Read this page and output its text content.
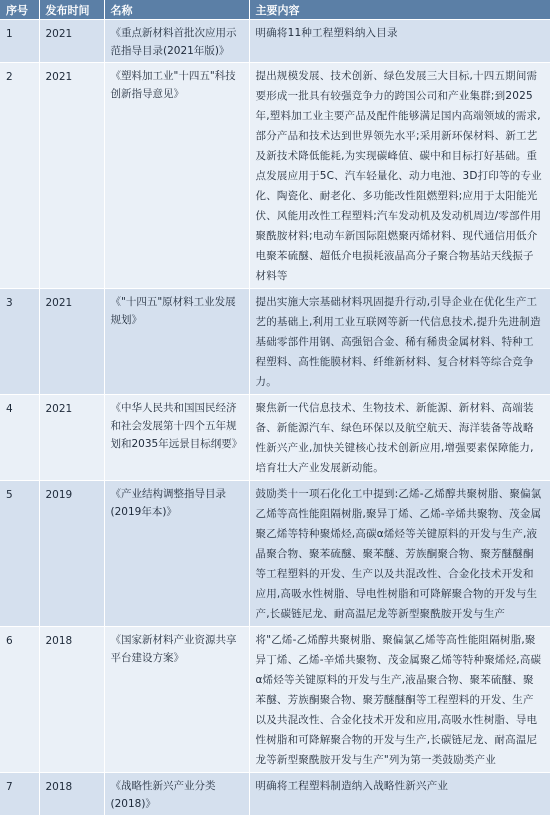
序号	发布时间	名称	主要内容
1	2021	《重点新材料首批次应用示范指导目录(2021年版)》	明确将11种工程塑料纳入目录
2	2021	《塑料加工业"十四五"科技创新指导意见》	提出规模发展、技术创新、绿色发展三大目标,十四五期间需要形成一批具有较强竞争力的跨国公司和产业集群;到2025年,塑料加工业主要产品及配件能够满足国内高端领域的需求,部分产品和技术达到世界领先水平;采用新环保材料、新工艺及新技术降低能耗,为实现碳峰值、碳中和目标打好基础。重点发展应用于5C、汽车轻量化、动力电池、3D打印等的专业化、陶瓷化、耐老化、多功能改性阻燃塑料;应用于太阳能光伏、风能用改性工程塑料;汽车发动机及发动机周边/零部件用聚酰胺材料;电动车新国际阻燃聚丙烯材料、现代通信用低介电聚苯硫醚、超低介电损耗液晶高分子聚合物基站天线振子材料等
3	2021	《"十四五"原材料工业发展规划》	提出实施大宗基础材料巩固提升行动,引导企业在优化生产工艺的基础上,利用工业互联网等新一代信息技术,提升先进制造基础零部件用钢、高强铝合金、稀有稀贵金属材料、特种工程塑料、高性能膜材料、纤维新材料、复合材料等综合竞争力。
4	2021	《中华人民共和国国民经济和社会发展第十四个五年规划和2035年远景目标纲要》	聚焦新一代信息技术、生物技术、新能源、新材料、高端装备、新能源汽车、绿色环保以及航空航天、海洋装备等战略性新兴产业,加快关键核心技术创新应用,增强要素保障能力,培育壮大产业发展新动能。
5	2019	《产业结构调整指导目录(2019年本)》	鼓励类十一项石化化工中提到:乙烯-乙烯醇共聚树脂、聚偏氯乙烯等高性能阻隔树脂,聚异丁烯、乙烯-辛烯共聚物、茂金属聚乙烯等特种聚烯烃,高碳α烯烃等关键原料的开发与生产,液晶聚合物、聚苯硫醚、聚苯醚、芳族酮聚合物、聚芳醚醚酮等工程塑料的开发、生产以及共混改性、合金化技术开发和应用,高吸水性树脂、导电性树脂和可降解聚合物的开发与生产,长碳链尼龙、耐高温尼龙等新型聚酰胺开发与生产
6	2018	《国家新材料产业资源共享平台建设方案》	将"乙烯-乙烯醇共聚树脂、聚偏氯乙烯等高性能阻隔树脂,聚异丁烯、乙烯-辛烯共聚物、茂金属聚乙烯等特种聚烯烃,高碳α烯烃等关键原料的开发与生产,液晶聚合物、聚苯硫醚、聚苯醚、芳族酮聚合物、聚芳醚醚酮等工程塑料的开发、生产以及共混改性、合金化技术开发和应用,高吸水性树脂、导电性树脂和可降解聚合物的开发与生产,长碳链尼龙、耐高温尼龙等新型聚酰胺开发与生产"列为第一类鼓励类产业
7	2018	《战略性新兴产业分类(2018)》	明确将工程塑料制造纳入战略性新兴产业
